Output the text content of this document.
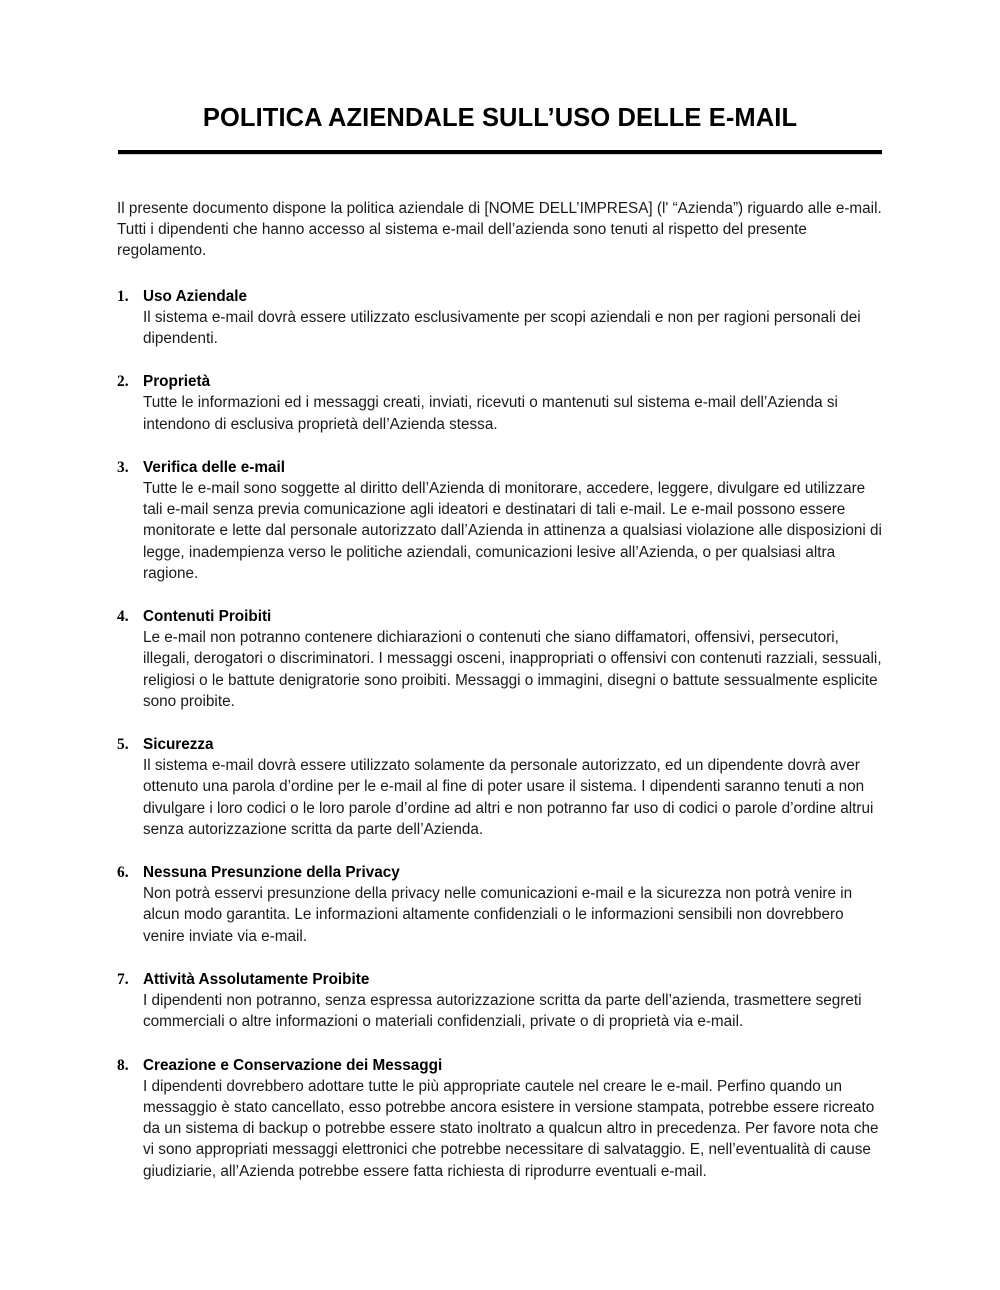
POLITICA AZIENDALE SULL’USO DELLE E-MAIL

Il presente documento dispone la politica aziendale di [NOME DELL’IMPRESA] (l' “Azienda”) riguardo alle e-mail. Tutti i dipendenti che hanno accesso al sistema e-mail dell’azienda sono tenuti al rispetto del presente regolamento.

1. Uso Aziendale

Il sistema e-mail dovrà essere utilizzato esclusivamente per scopi aziendali e non per ragioni personali dei dipendenti.

2. Proprietà

Tutte le informazioni ed i messaggi creati, inviati, ricevuti o mantenuti sul sistema e-mail dell’Azienda si intendono di esclusiva proprietà dell’Azienda stessa.

3. Verifica delle e-mail

Tutte le e-mail sono soggette al diritto dell’Azienda di monitorare, accedere, leggere, divulgare ed utilizzare tali e-mail senza previa comunicazione agli ideatori e destinatari di tali e-mail. Le e-mail possono essere monitorate e lette dal personale autorizzato dall’Azienda in attinenza a qualsiasi violazione alle disposizioni di legge, inadempienza verso le politiche aziendali, comunicazioni lesive all’Azienda, o per qualsiasi altra ragione.

4. Contenuti Proibiti

Le e-mail non potranno contenere dichiarazioni o contenuti che siano diffamatori, offensivi, persecutori, illegali, derogatori o discriminatori. I messaggi osceni, inappropriati o offensivi con contenuti razziali, sessuali, religiosi o le battute denigratorie sono proibiti. Messaggi o immagini, disegni o battute sessualmente esplicite sono proibite.

5. Sicurezza

Il sistema e-mail dovrà essere utilizzato solamente da personale autorizzato, ed un dipendente dovrà aver ottenuto una parola d’ordine per le e-mail al fine di poter usare il sistema. I dipendenti saranno tenuti a non divulgare i loro codici o le loro parole d’ordine ad altri e non potranno far uso di codici o parole d’ordine altrui senza autorizzazione scritta da parte dell’Azienda.

6. Nessuna Presunzione della Privacy

Non potrà esservi presunzione della privacy nelle comunicazioni e-mail e la sicurezza non potrà venire in alcun modo garantita. Le informazioni altamente confidenziali o le informazioni sensibili non dovrebbero venire inviate via e-mail.

7. Attività Assolutamente Proibite

I dipendenti non potranno, senza espressa autorizzazione scritta da parte dell’azienda, trasmettere segreti commerciali o altre informazioni o materiali confidenziali, private o di proprietà via e-mail.

8. Creazione e Conservazione dei Messaggi

I dipendenti dovrebbero adottare tutte le più appropriate cautele nel creare le e-mail. Perfino quando un messaggio è stato cancellato, esso potrebbe ancora esistere in versione stampata, potrebbe essere ricreato da un sistema di backup o potrebbe essere stato inoltrato a qualcun altro in precedenza. Per favore nota che vi sono appropriati messaggi elettronici che potrebbe necessitare di salvataggio. E, nell’eventualità di cause giudiziarie, all’Azienda potrebbe essere fatta richiesta di riprodurre eventuali e-mail.
